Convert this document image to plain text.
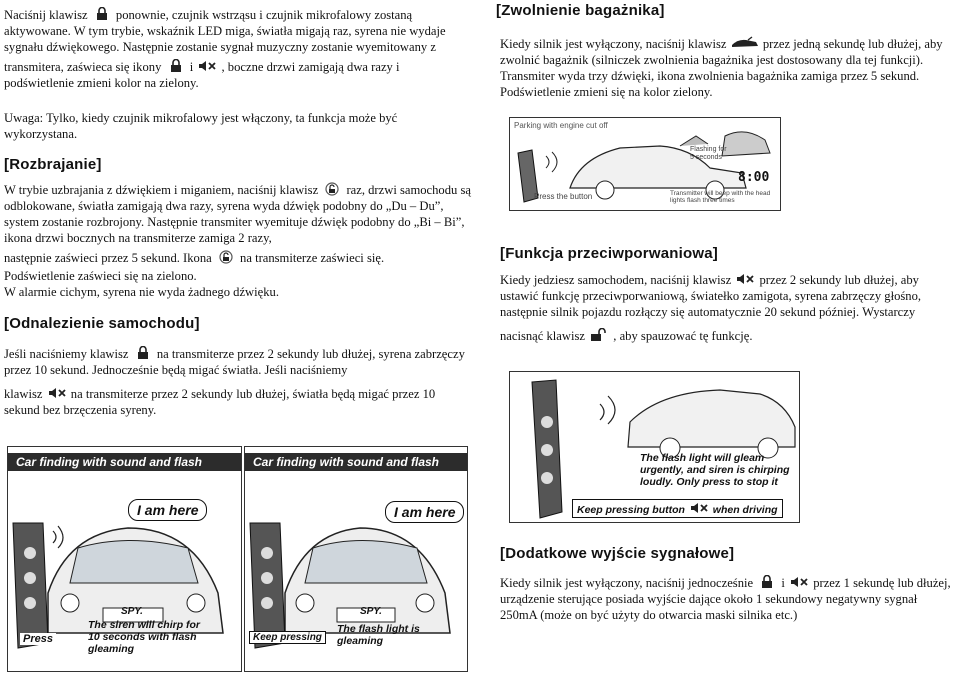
Naciśnij klawisz ponownie, czujnik wstrząsu i czujnik mikrofalowy zostaną aktywowane. W tym trybie, wskaźnik LED miga, światła migają raz, syrena nie wydaje sygnału dźwiękowego. Następnie zostanie sygnał muzyczny zostanie wyemitowany z
transmitera, zaświeca się ikony i , boczne drzwi zamigają dwa razy i podświetlenie zmieni kolor na zielony.
Uwaga: Tylko, kiedy czujnik mikrofalowy jest włączony, ta funkcja może być wykorzystana.
[Rozbrajanie]
W trybie uzbrajania z dźwiękiem i miganiem, naciśnij klawisz raz, drzwi samochodu są odblokowane, światła zamigają dwa razy, syrena wyda dźwięk podobny do „Du – Du”, system zostanie rozbrojony. Następnie transmiter wyemituje dźwięk podobny do „Bi – Bi”, ikona drzwi bocznych na transmiterze zamiga 2 razy,
następnie zaświeci przez 5 sekund. Ikona na transmiterze zaświeci się.
Podświetlenie zaświeci się na zielono.
W alarmie cichym, syrena nie wyda żadnego dźwięku.
[Odnalezienie samochodu]
Jeśli naciśniemy klawisz na transmiterze przez 2 sekundy lub dłużej, syrena zabrzęczy przez 10 sekund. Jednocześnie będą migać światła. Jeśli naciśniemy
klawisz na transmiterze przez 2 sekundy lub dłużej, światła będą migać przez 10 sekund bez brzęczenia syreny.
Car finding with sound and flash reminding
I am here
SPY.
Press
The siren will chirp for 10 seconds with flash gleaming
Car finding with sound and flash reminding
I am here
SPY.
Keep pressing
The flash light is gleaming
[Zwolnienie bagażnika]
Kiedy silnik jest wyłączony, naciśnij klawisz	przez jedną sekundę lub dłużej, aby zwolnić bagażnik (silniczek zwolnienia bagażnika jest dostosowany dla tej funkcji). Transmiter wyda trzy dźwięki, ikona zwolnienia bagażnika zamiga przez 5 sekund. Podświetlenie zmieni się na kolor zielony.
Parking with engine cut off
Flashing for 5 seconds
8:00
Press the button	Transmitter will beep with the head lights flash three times
[Funkcja przeciwporwaniowa]
Kiedy jedziesz samochodem, naciśnij klawisz przez 2 sekundy lub dłużej, aby ustawić funkcję przeciwporwaniową, światełko zamigota, syrena zabrzęczy głośno, następnie silnik pojazdu rozłączy się automatycznie 20 sekund później. Wystarczy
nacisnąć klawisz , aby spauzować tę funkcję.
The flash light will gleam urgently, and siren is chirping loudly. Only press to stop it
Keep pressing button	when driving
[Dodatkowe wyjście sygnałowe]
Kiedy silnik jest wyłączony, naciśnij jednocześnie i przez 1 sekundę lub dłużej, urządzenie sterujące posiada wyjście dające około 1 sekundowy negatywny sygnał 250mA (może on być użyty do otwarcia maski silnika etc.)
